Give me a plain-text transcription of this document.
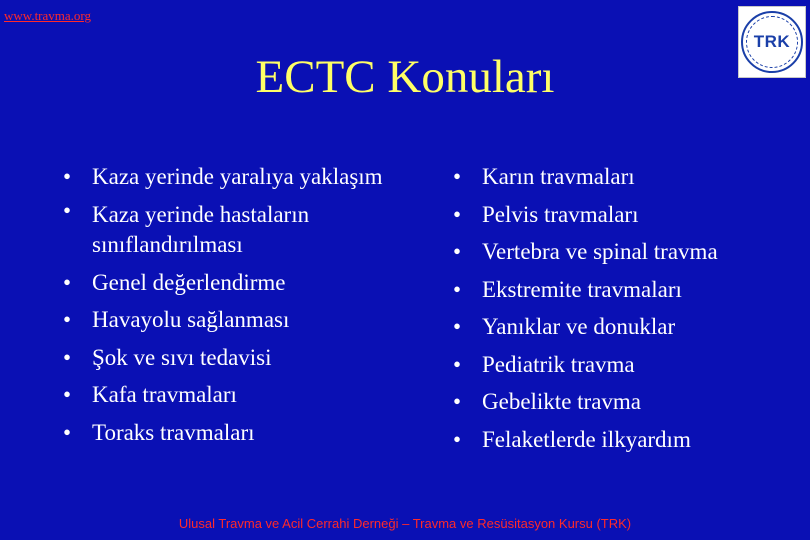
www.travma.org
TRK
ECTC Konuları
• Kaza yerinde yaralıya yaklaşım
• Kaza yerinde hastaların sınıflandırılması
• Genel değerlendirme
• Havayolu sağlanması
• Şok ve sıvı tedavisi
• Kafa travmaları
• Toraks travmaları
• Karın travmaları
• Pelvis travmaları
• Vertebra ve spinal travma
• Ekstremite travmaları
• Yanıklar ve donuklar
• Pediatrik travma
• Gebelikte travma
• Felaketlerde ilkyardım
Ulusal Travma ve Acil Cerrahi Derneği – Travma ve Resüsitasyon Kursu (TRK)
